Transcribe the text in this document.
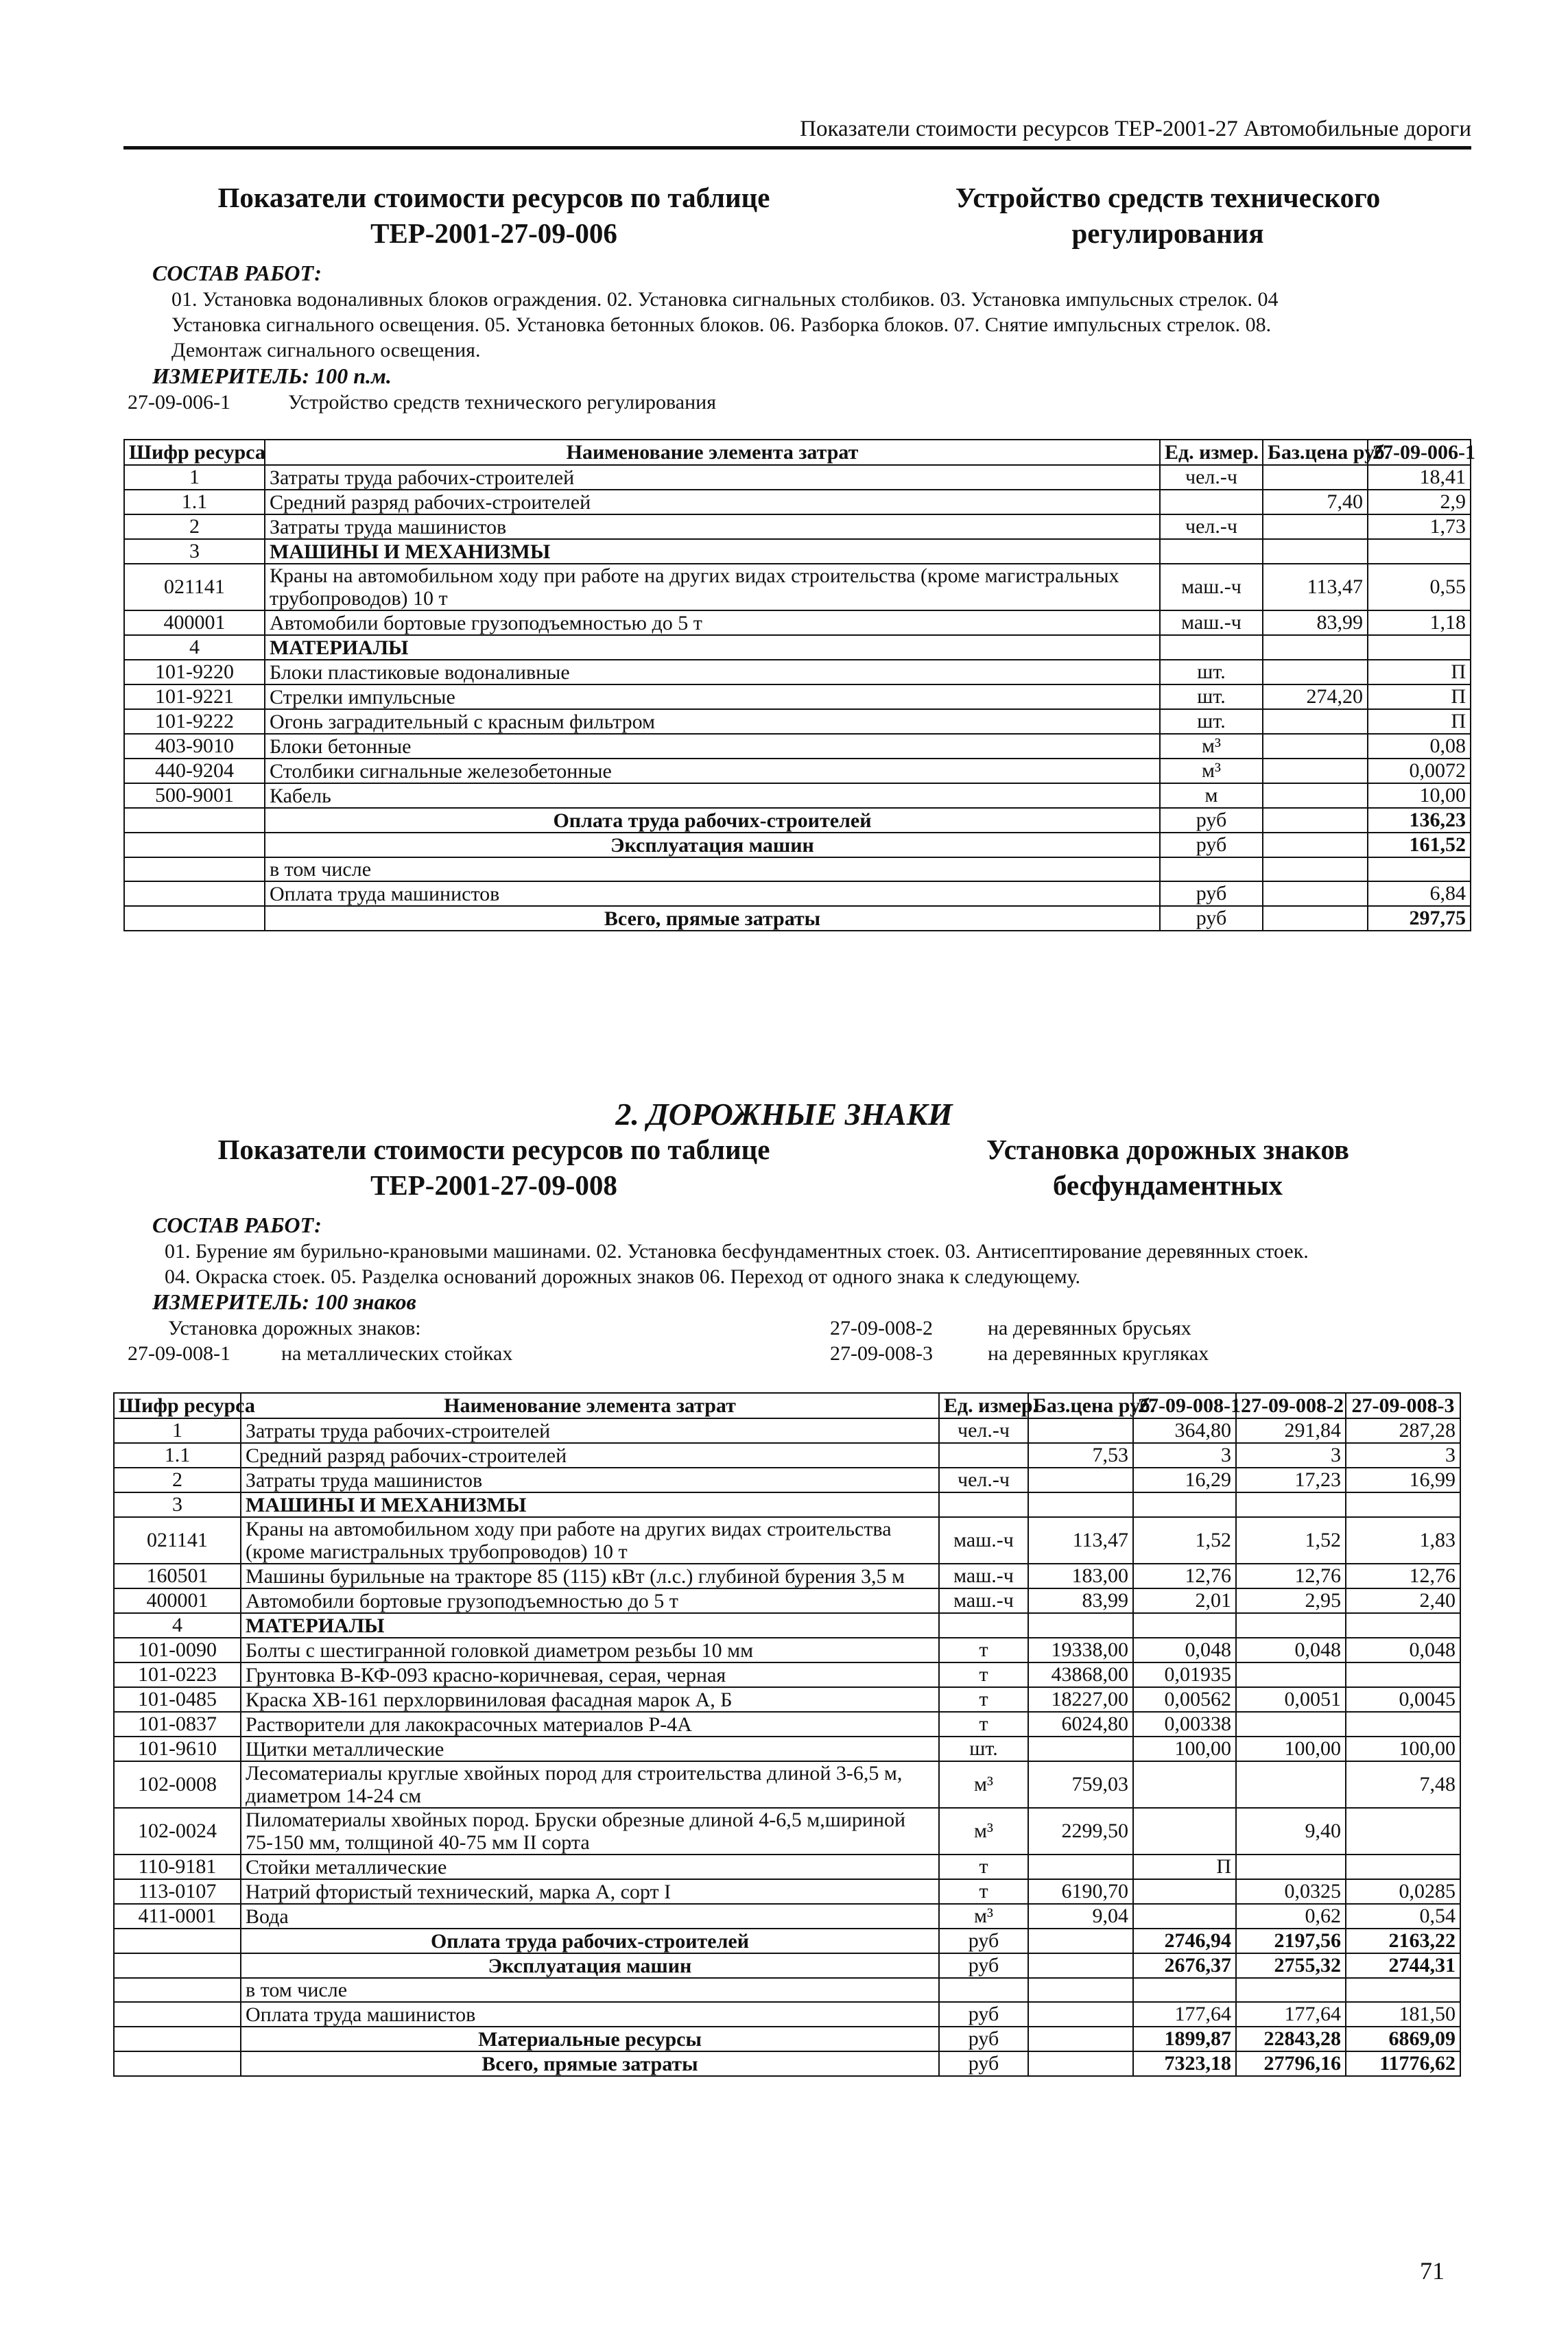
Показатели стоимости ресурсов ТЕР-2001-27 Автомобильные дороги
Показатели стоимости ресурсов по таблице
ТЕР-2001-27-09-006
Устройство средств технического
регулирования
СОСТАВ РАБОТ:
01. Установка водоналивных блоков ограждения. 02. Установка сигнальных столбиков. 03. Установка импульсных стрелок. 04
Установка сигнального освещения. 05. Установка бетонных блоков. 06. Разборка блоков. 07. Снятие импульсных стрелок. 08.
Демонтаж сигнального освещения.
ИЗМЕРИТЕЛЬ: 100 п.м.
27-09-006-1	Устройство средств технического регулирования
Шифр ресурса	Наименование элемента затрат	Ед. измер.	Баз.цена руб.	27-09-006-1
1	Затраты труда рабочих-строителей	чел.-ч		18,41
1.1	Средний разряд рабочих-строителей		7,40	2,9
2	Затраты труда машинистов	чел.-ч		1,73
3	МАШИНЫ И МЕХАНИЗМЫ			
021141	Краны на автомобильном ходу при работе на других видах строительства (кроме магистральных трубопроводов) 10 т	маш.-ч	113,47	0,55
400001	Автомобили бортовые грузоподъемностью до 5 т	маш.-ч	83,99	1,18
4	МАТЕРИАЛЫ			
101-9220	Блоки пластиковые водоналивные	шт.		П
101-9221	Стрелки импульсные	шт.	274,20	П
101-9222	Огонь заградительный с красным фильтром	шт.		П
403-9010	Блоки бетонные	м³		0,08
440-9204	Столбики сигнальные железобетонные	м³		0,0072
500-9001	Кабель	м		10,00
	Оплата труда рабочих-строителей	руб		136,23
	Эксплуатация машин	руб		161,52
	в том числе			
	Оплата труда машинистов	руб		6,84
	Всего, прямые затраты	руб		297,75
2. ДОРОЖНЫЕ ЗНАКИ
Показатели стоимости ресурсов по таблице
ТЕР-2001-27-09-008
Установка дорожных знаков
бесфундаментных
СОСТАВ РАБОТ:
01. Бурение ям бурильно-крановыми машинами. 02. Установка бесфундаментных стоек. 03. Антисептирование деревянных стоек.
04. Окраска стоек. 05. Разделка оснований дорожных знаков 06. Переход от одного знака к следующему.
ИЗМЕРИТЕЛЬ: 100 знаков
Установка дорожных знаков:
27-09-008-1 на металлических стойках
27-09-008-2	на деревянных брусьях
27-09-008-3	на деревянных кругляках
Шифр ресурса	Наименование элемента затрат	Ед. измер.	Баз.цена руб.	27-09-008-1	27-09-008-2	27-09-008-3
1	Затраты труда рабочих-строителей	чел.-ч		364,80	291,84	287,28
1.1	Средний разряд рабочих-строителей		7,53	3	3	3
2	Затраты труда машинистов	чел.-ч		16,29	17,23	16,99
3	МАШИНЫ И МЕХАНИЗМЫ					
021141	Краны на автомобильном ходу при работе на других видах строительства (кроме магистральных трубопроводов) 10 т	маш.-ч	113,47	1,52	1,52	1,83
160501	Машины бурильные на тракторе 85 (115) кВт (л.с.) глубиной бурения 3,5 м	маш.-ч	183,00	12,76	12,76	12,76
400001	Автомобили бортовые грузоподъемностью до 5 т	маш.-ч	83,99	2,01	2,95	2,40
4	МАТЕРИАЛЫ					
101-0090	Болты с шестигранной головкой диаметром резьбы 10 мм	т	19338,00	0,048	0,048	0,048
101-0223	Грунтовка В-КФ-093 красно-коричневая, серая, черная	т	43868,00	0,01935		
101-0485	Краска ХВ-161 перхлорвиниловая фасадная марок А, Б	т	18227,00	0,00562	0,0051	0,0045
101-0837	Растворители для лакокрасочных материалов Р-4А	т	6024,80	0,00338		
101-9610	Щитки металлические	шт.		100,00	100,00	100,00
102-0008	Лесоматериалы круглые хвойных пород для строительства длиной 3-6,5 м, диаметром 14-24 см	м³	759,03			7,48
102-0024	Пиломатериалы хвойных пород. Бруски обрезные длиной 4-6,5 м,шириной 75-150 мм, толщиной 40-75 мм II сорта	м³	2299,50		9,40	
110-9181	Стойки металлические	т		П		
113-0107	Натрий фтористый технический, марка А, сорт I	т	6190,70		0,0325	0,0285
411-0001	Вода	м³	9,04		0,62	0,54
	Оплата труда рабочих-строителей	руб		2746,94	2197,56	2163,22
	Эксплуатация машин	руб		2676,37	2755,32	2744,31
	в том числе					
	Оплата труда машинистов	руб		177,64	177,64	181,50
	Материальные ресурсы	руб		1899,87	22843,28	6869,09
	Всего, прямые затраты	руб		7323,18	27796,16	11776,62
71
